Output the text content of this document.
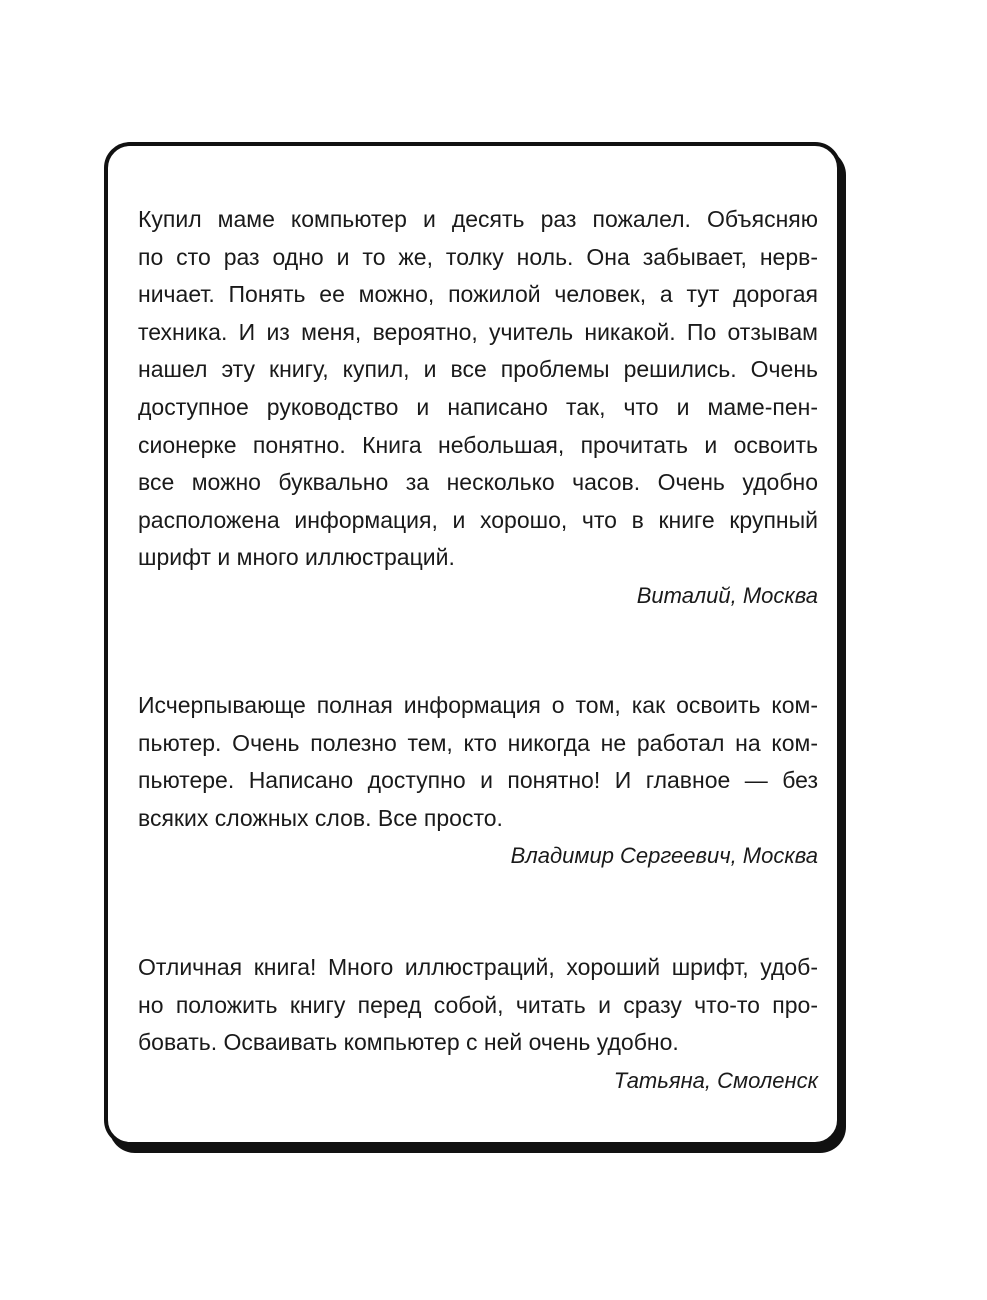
Купил маме компьютер и десять раз пожалел. Объясняю
по сто раз одно и то же, толку ноль. Она забывает, нерв-
ничает. Понять ее можно, пожилой человек, а тут дорогая
техника. И из меня, вероятно, учитель никакой. По отзывам
нашел эту книгу, купил, и все проблемы решились. Очень
доступное руководство и написано так, что и маме-пен-
сионерке понятно. Книга небольшая, прочитать и освоить
все можно буквально за несколько часов. Очень удобно
расположена информация, и хорошо, что в книге крупный
шрифт и много иллюстраций.

Виталий, Москва

Исчерпывающе полная информация о том, как освоить ком-
пьютер. Очень полезно тем, кто никогда не работал на ком-
пьютере. Написано доступно и понятно! И главное — без
всяких сложных слов. Все просто.

Владимир Сергеевич, Москва

Отличная книга! Много иллюстраций, хороший шрифт, удоб-
но положить книгу перед собой, читать и сразу что-то про-
бовать. Осваивать компьютер с ней очень удобно.

Татьяна, Смоленск
